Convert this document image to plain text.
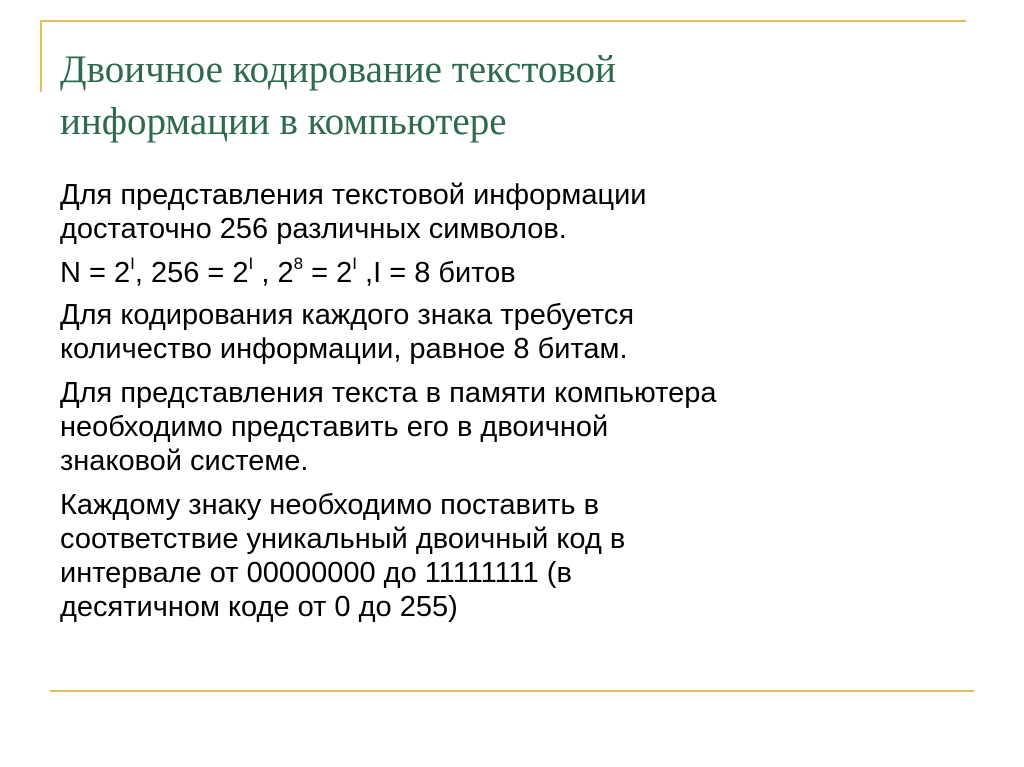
Двоичное кодирование текстовой
информации в компьютере

Для представления текстовой информации
достаточно 256 различных символов.

$N = 2^I$, $256 = 2^I$ , $2^8 = 2^I$ ,I = 8 битов

Для кодирования каждого знака требуется
количество информации, равное 8 битам.

Для представления текста в памяти компьютера
необходимо представить его в двоичной
знаковой системе.

Каждому знаку необходимо поставить в
соответствие уникальный двоичный код в
интервале от 00000000 до 11111111 (в
десятичном коде от 0 до 255)
